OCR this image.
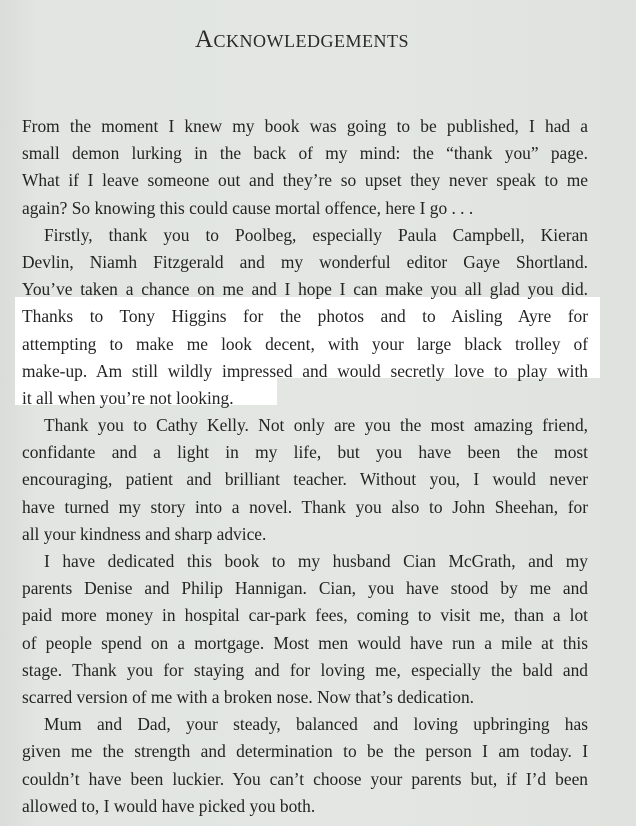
Acknowledgements
From the moment I knew my book was going to be published, I had a
small demon lurking in the back of my mind: the “thank you” page.
What if I leave someone out and they’re so upset they never speak to me
again? So knowing this could cause mortal offence, here I go . . .
Firstly, thank you to Poolbeg, especially Paula Campbell, Kieran
Devlin, Niamh Fitzgerald and my wonderful editor Gaye Shortland.
You’ve taken a chance on me and I hope I can make you all glad you did.
Thanks to Tony Higgins for the photos and to Aisling Ayre for
attempting to make me look decent, with your large black trolley of
make-up. Am still wildly impressed and would secretly love to play with
it all when you’re not looking.
Thank you to Cathy Kelly. Not only are you the most amazing friend,
confidante and a light in my life, but you have been the most
encouraging, patient and brilliant teacher. Without you, I would never
have turned my story into a novel. Thank you also to John Sheehan, for
all your kindness and sharp advice.
I have dedicated this book to my husband Cian McGrath, and my
parents Denise and Philip Hannigan. Cian, you have stood by me and
paid more money in hospital car-park fees, coming to visit me, than a lot
of people spend on a mortgage. Most men would have run a mile at this
stage. Thank you for staying and for loving me, especially the bald and
scarred version of me with a broken nose. Now that’s dedication.
Mum and Dad, your steady, balanced and loving upbringing has
given me the strength and determination to be the person I am today. I
couldn’t have been luckier. You can’t choose your parents but, if I’d been
allowed to, I would have picked you both.
